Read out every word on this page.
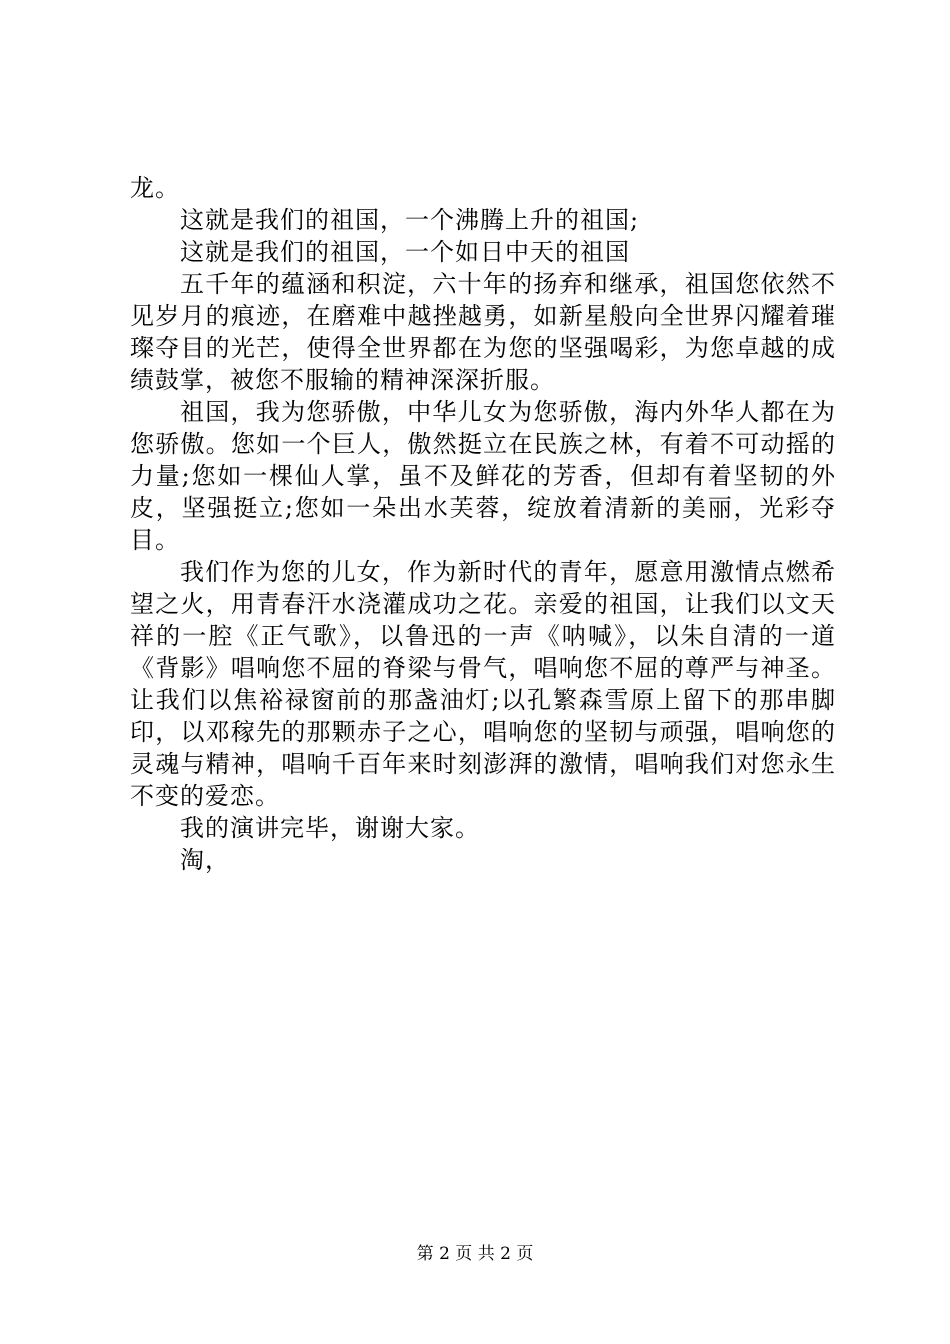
龙。

这就是我们的祖国，一个沸腾上升的祖国;

这就是我们的祖国，一个如日中天的祖国

五千年的蕴涵和积淀，六十年的扬弃和继承，祖国您依然不见岁月的痕迹，在磨难中越挫越勇，如新星般向全世界闪耀着璀璨夺目的光芒，使得全世界都在为您的坚强喝彩，为您卓越的成绩鼓掌，被您不服输的精神深深折服。

祖国，我为您骄傲，中华儿女为您骄傲，海内外华人都在为您骄傲。您如一个巨人，傲然挺立在民族之林，有着不可动摇的力量;您如一棵仙人掌，虽不及鲜花的芳香，但却有着坚韧的外皮，坚强挺立;您如一朵出水芙蓉，绽放着清新的美丽，光彩夺目。

我们作为您的儿女，作为新时代的青年，愿意用激情点燃希望之火，用青春汗水浇灌成功之花。亲爱的祖国，让我们以文天祥的一腔《正气歌》，以鲁迅的一声《呐喊》，以朱自清的一道《背影》唱响您不屈的脊梁与骨气，唱响您不屈的尊严与神圣。让我们以焦裕禄窗前的那盏油灯;以孔繁森雪原上留下的那串脚印，以邓稼先的那颗赤子之心，唱响您的坚韧与顽强，唱响您的灵魂与精神，唱响千百年来时刻澎湃的激情，唱响我们对您永生不变的爱恋。

我的演讲完毕，谢谢大家。

淘，

第 2 页 共 2 页
